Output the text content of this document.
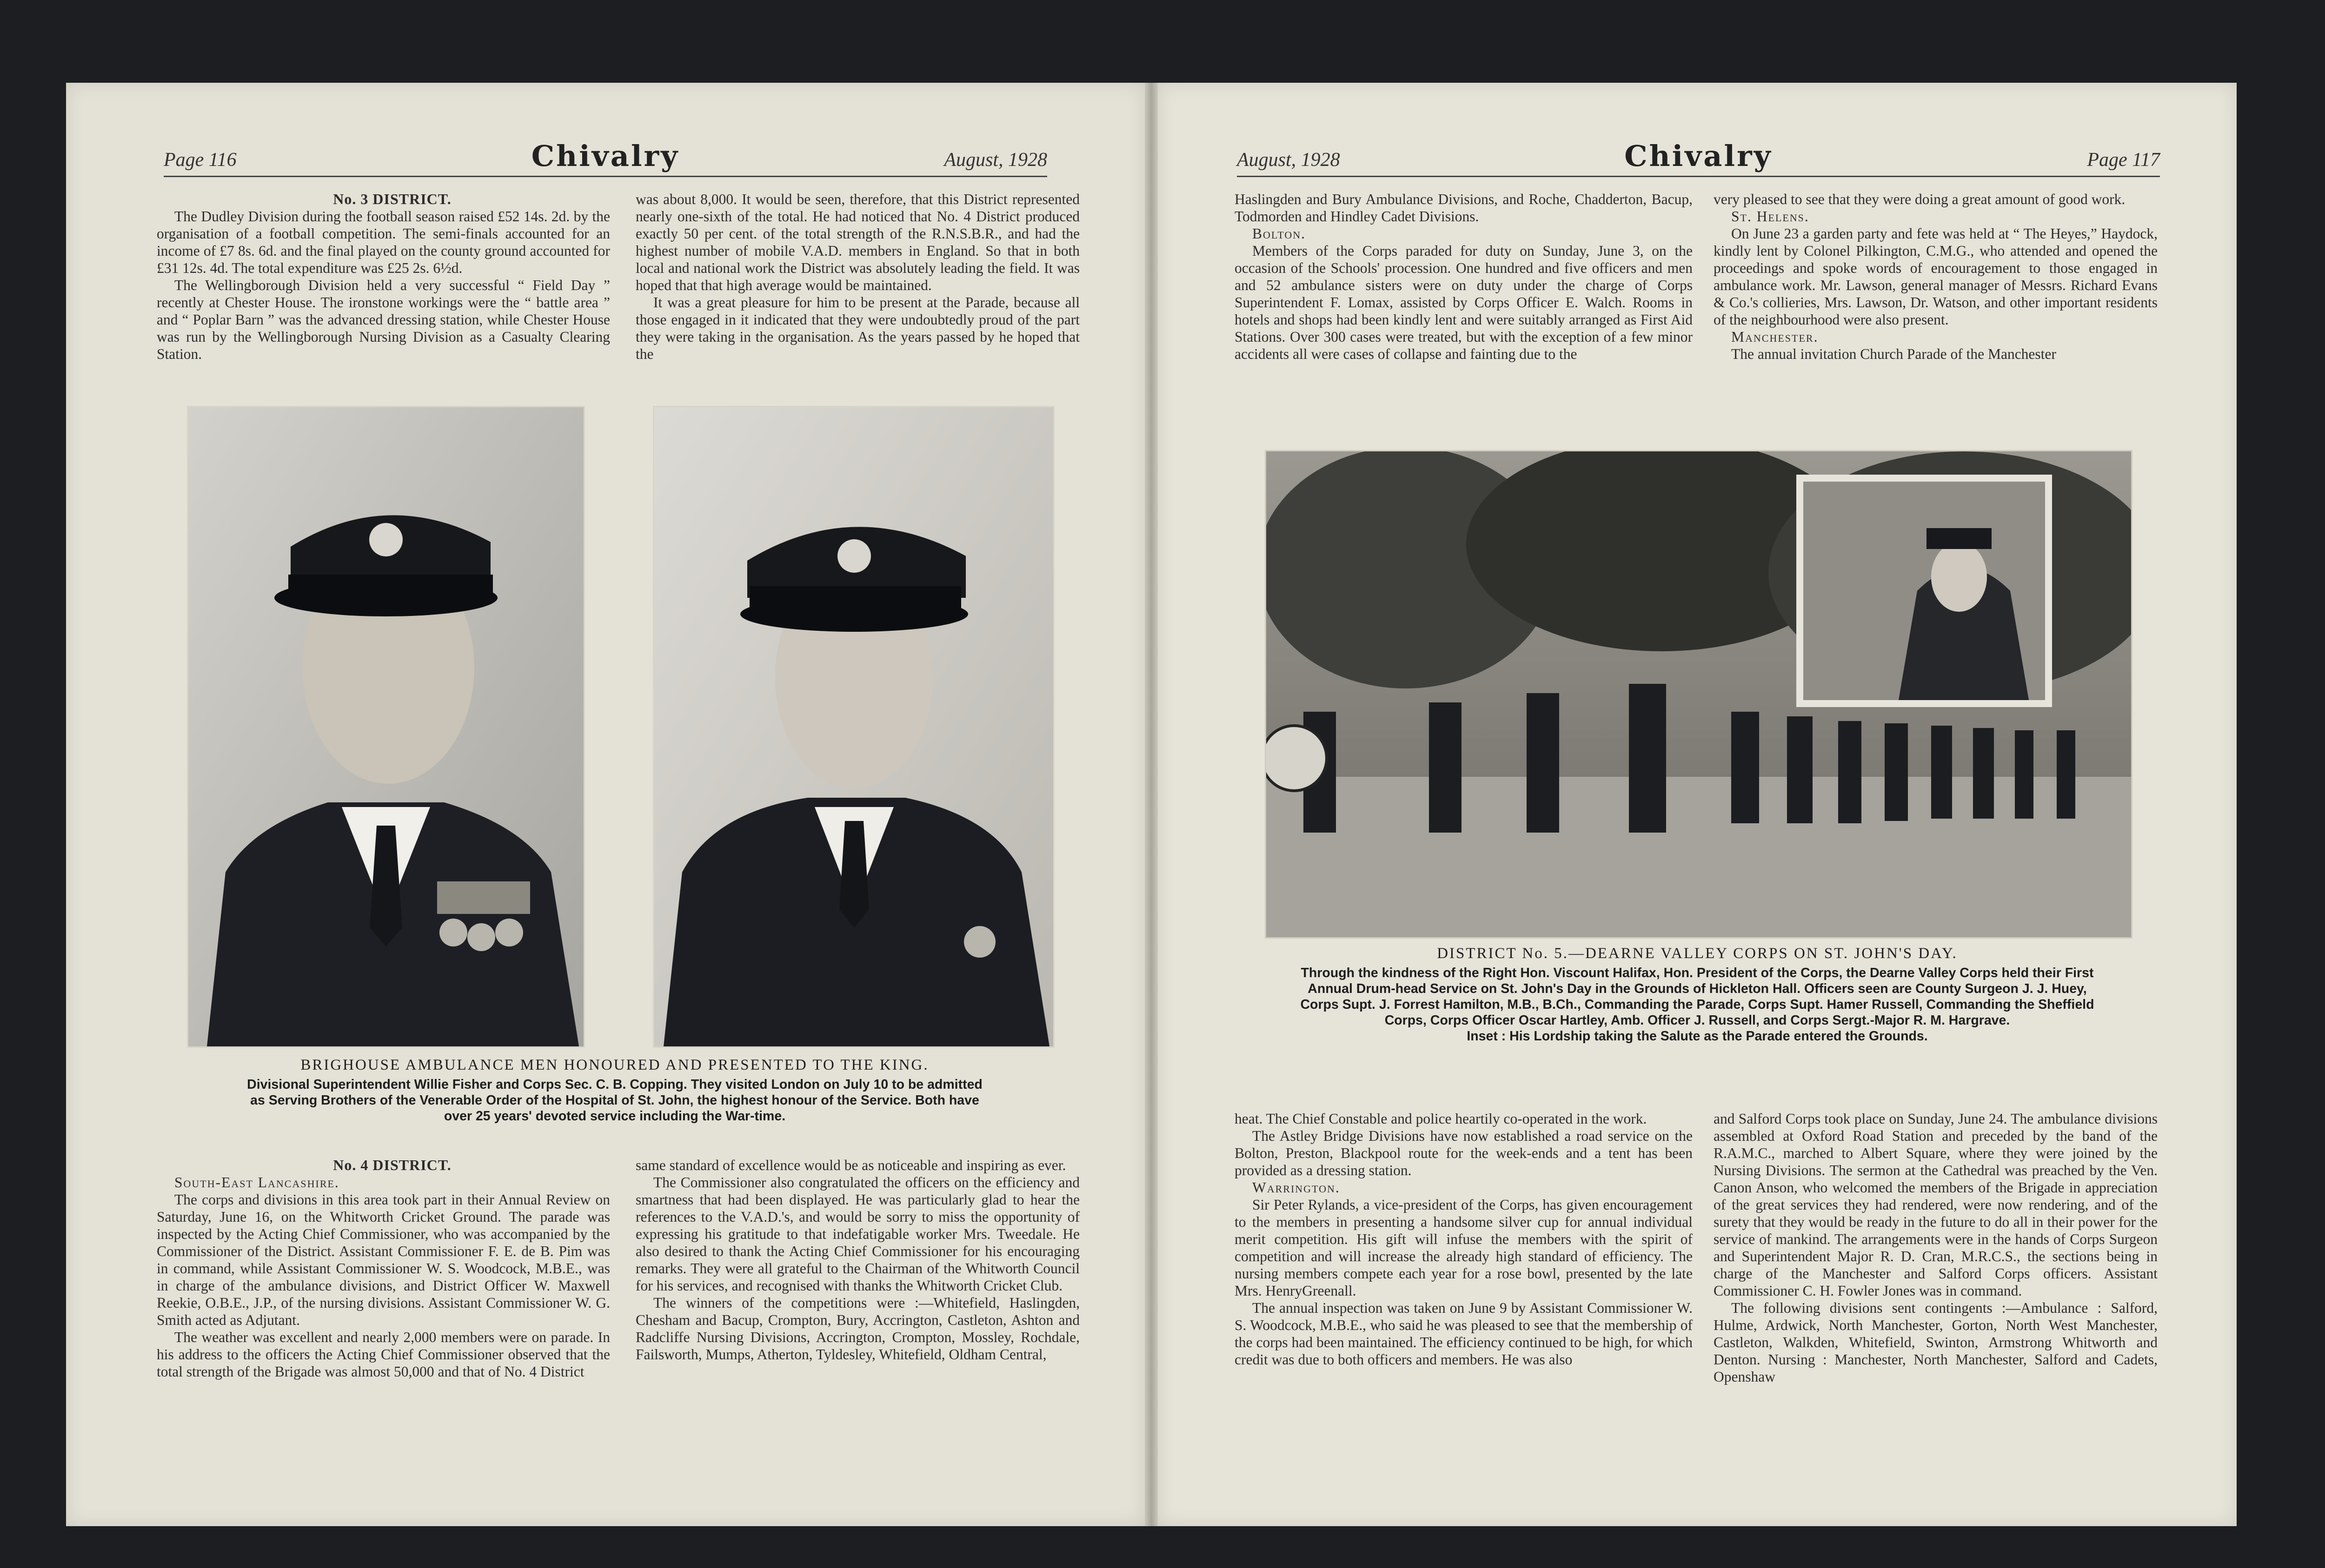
Page 116	Chivalry	August, 1928

No. 3 DISTRICT.

The Dudley Division during the football season raised £52 14s. 2d. by the organisation of a football competition. The semi-finals accounted for an income of £7 8s. 6d. and the final played on the county ground accounted for £31 12s. 4d. The total expenditure was £25 2s. 6½d.

The Wellingborough Division held a very successful “ Field Day ” recently at Chester House. The ironstone workings were the “ battle area ” and “ Poplar Barn ” was the advanced dressing station, while Chester House was run by the Wellingborough Nursing Division as a Casualty Clearing Station.

was about 8,000. It would be seen, therefore, that this District represented nearly one-sixth of the total. He had noticed that No. 4 District produced exactly 50 per cent. of the total strength of the R.N.S.B.R., and had the highest number of mobile V.A.D. members in England. So that in both local and national work the District was absolutely leading the field. It was hoped that that high average would be maintained.

It was a great pleasure for him to be present at the Parade, because all those engaged in it indicated that they were undoubtedly proud of the part they were taking in the organisation. As the years passed by he hoped that the

BRIGHOUSE AMBULANCE MEN HONOURED AND PRESENTED TO THE KING.
Divisional Superintendent Willie Fisher and Corps Sec. C. B. Copping. They visited London on July 10 to be admitted as Serving Brothers of the Venerable Order of the Hospital of St. John, the highest honour of the Service. Both have over 25 years' devoted service including the War-time.

No. 4 DISTRICT.

South-East Lancashire.

The corps and divisions in this area took part in their Annual Review on Saturday, June 16, on the Whitworth Cricket Ground. The parade was inspected by the Acting Chief Commissioner, who was accompanied by the Commissioner of the District. Assistant Commissioner F. E. de B. Pim was in command, while Assistant Commissioner W. S. Woodcock, M.B.E., was in charge of the ambulance divisions, and District Officer W. Maxwell Reekie, O.B.E., J.P., of the nursing divisions. Assistant Commissioner W. G. Smith acted as Adjutant.

The weather was excellent and nearly 2,000 members were on parade. In his address to the officers the Acting Chief Commissioner observed that the total strength of the Brigade was almost 50,000 and that of No. 4 District

same standard of excellence would be as noticeable and inspiring as ever.

The Commissioner also congratulated the officers on the efficiency and smartness that had been displayed. He was particularly glad to hear the references to the V.A.D.'s, and would be sorry to miss the opportunity of expressing his gratitude to that indefatigable worker Mrs. Tweedale. He also desired to thank the Acting Chief Commissioner for his encouraging remarks. They were all grateful to the Chairman of the Whitworth Council for his services, and recognised with thanks the Whitworth Cricket Club.

The winners of the competitions were :—Whitefield, Haslingden, Chesham and Bacup, Crompton, Bury, Accrington, Castleton, Ashton and Radcliffe Nursing Divisions, Accrington, Crompton, Mossley, Rochdale, Failsworth, Mumps, Atherton, Tyldesley, Whitefield, Oldham Central,

August, 1928	Chivalry	Page 117

Haslingden and Bury Ambulance Divisions, and Roche, Chadderton, Bacup, Todmorden and Hindley Cadet Divisions.

Bolton.

Members of the Corps paraded for duty on Sunday, June 3, on the occasion of the Schools' procession. One hundred and five officers and men and 52 ambulance sisters were on duty under the charge of Corps Superintendent F. Lomax, assisted by Corps Officer E. Walch. Rooms in hotels and shops had been kindly lent and were suitably arranged as First Aid Stations. Over 300 cases were treated, but with the exception of a few minor accidents all were cases of collapse and fainting due to the

very pleased to see that they were doing a great amount of good work.

St. Helens.

On June 23 a garden party and fete was held at “ The Heyes,” Haydock, kindly lent by Colonel Pilkington, C.M.G., who attended and opened the proceedings and spoke words of encouragement to those engaged in ambulance work. Mr. Lawson, general manager of Messrs. Richard Evans & Co.'s collieries, Mrs. Lawson, Dr. Watson, and other important residents of the neighbourhood were also present.

Manchester.

The annual invitation Church Parade of the Manchester

DISTRICT No. 5.—DEARNE VALLEY CORPS ON ST. JOHN'S DAY.
Through the kindness of the Right Hon. Viscount Halifax, Hon. President of the Corps, the Dearne Valley Corps held their First Annual Drum-head Service on St. John's Day in the Grounds of Hickleton Hall. Officers seen are County Surgeon J. J. Huey, Corps Supt. J. Forrest Hamilton, M.B., B.Ch., Commanding the Parade, Corps Supt. Hamer Russell, Commanding the Sheffield Corps, Corps Officer Oscar Hartley, Amb. Officer J. Russell, and Corps Sergt.-Major R. M. Hargrave.
Inset : His Lordship taking the Salute as the Parade entered the Grounds.

heat. The Chief Constable and police heartily co-operated in the work.

The Astley Bridge Divisions have now established a road service on the Bolton, Preston, Blackpool route for the week-ends and a tent has been provided as a dressing station.

Warrington.

Sir Peter Rylands, a vice-president of the Corps, has given encouragement to the members in presenting a handsome silver cup for annual individual merit competition. His gift will infuse the members with the spirit of competition and will increase the already high standard of efficiency. The nursing members compete each year for a rose bowl, presented by the late Mrs. HenryGreenall.

The annual inspection was taken on June 9 by Assistant Commissioner W. S. Woodcock, M.B.E., who said he was pleased to see that the membership of the corps had been maintained. The efficiency continued to be high, for which credit was due to both officers and members. He was also

and Salford Corps took place on Sunday, June 24. The ambulance divisions assembled at Oxford Road Station and preceded by the band of the R.A.M.C., marched to Albert Square, where they were joined by the Nursing Divisions. The sermon at the Cathedral was preached by the Ven. Canon Anson, who welcomed the members of the Brigade in appreciation of the great services they had rendered, were now rendering, and of the surety that they would be ready in the future to do all in their power for the service of mankind. The arrangements were in the hands of Corps Surgeon and Superintendent Major R. D. Cran, M.R.C.S., the sections being in charge of the Manchester and Salford Corps officers. Assistant Commissioner C. H. Fowler Jones was in command.

The following divisions sent contingents :—Ambulance : Salford, Hulme, Ardwick, North Manchester, Gorton, North West Manchester, Castleton, Walkden, Whitefield, Swinton, Armstrong Whitworth and Denton. Nursing : Manchester, North Manchester, Salford and Cadets, Openshaw
